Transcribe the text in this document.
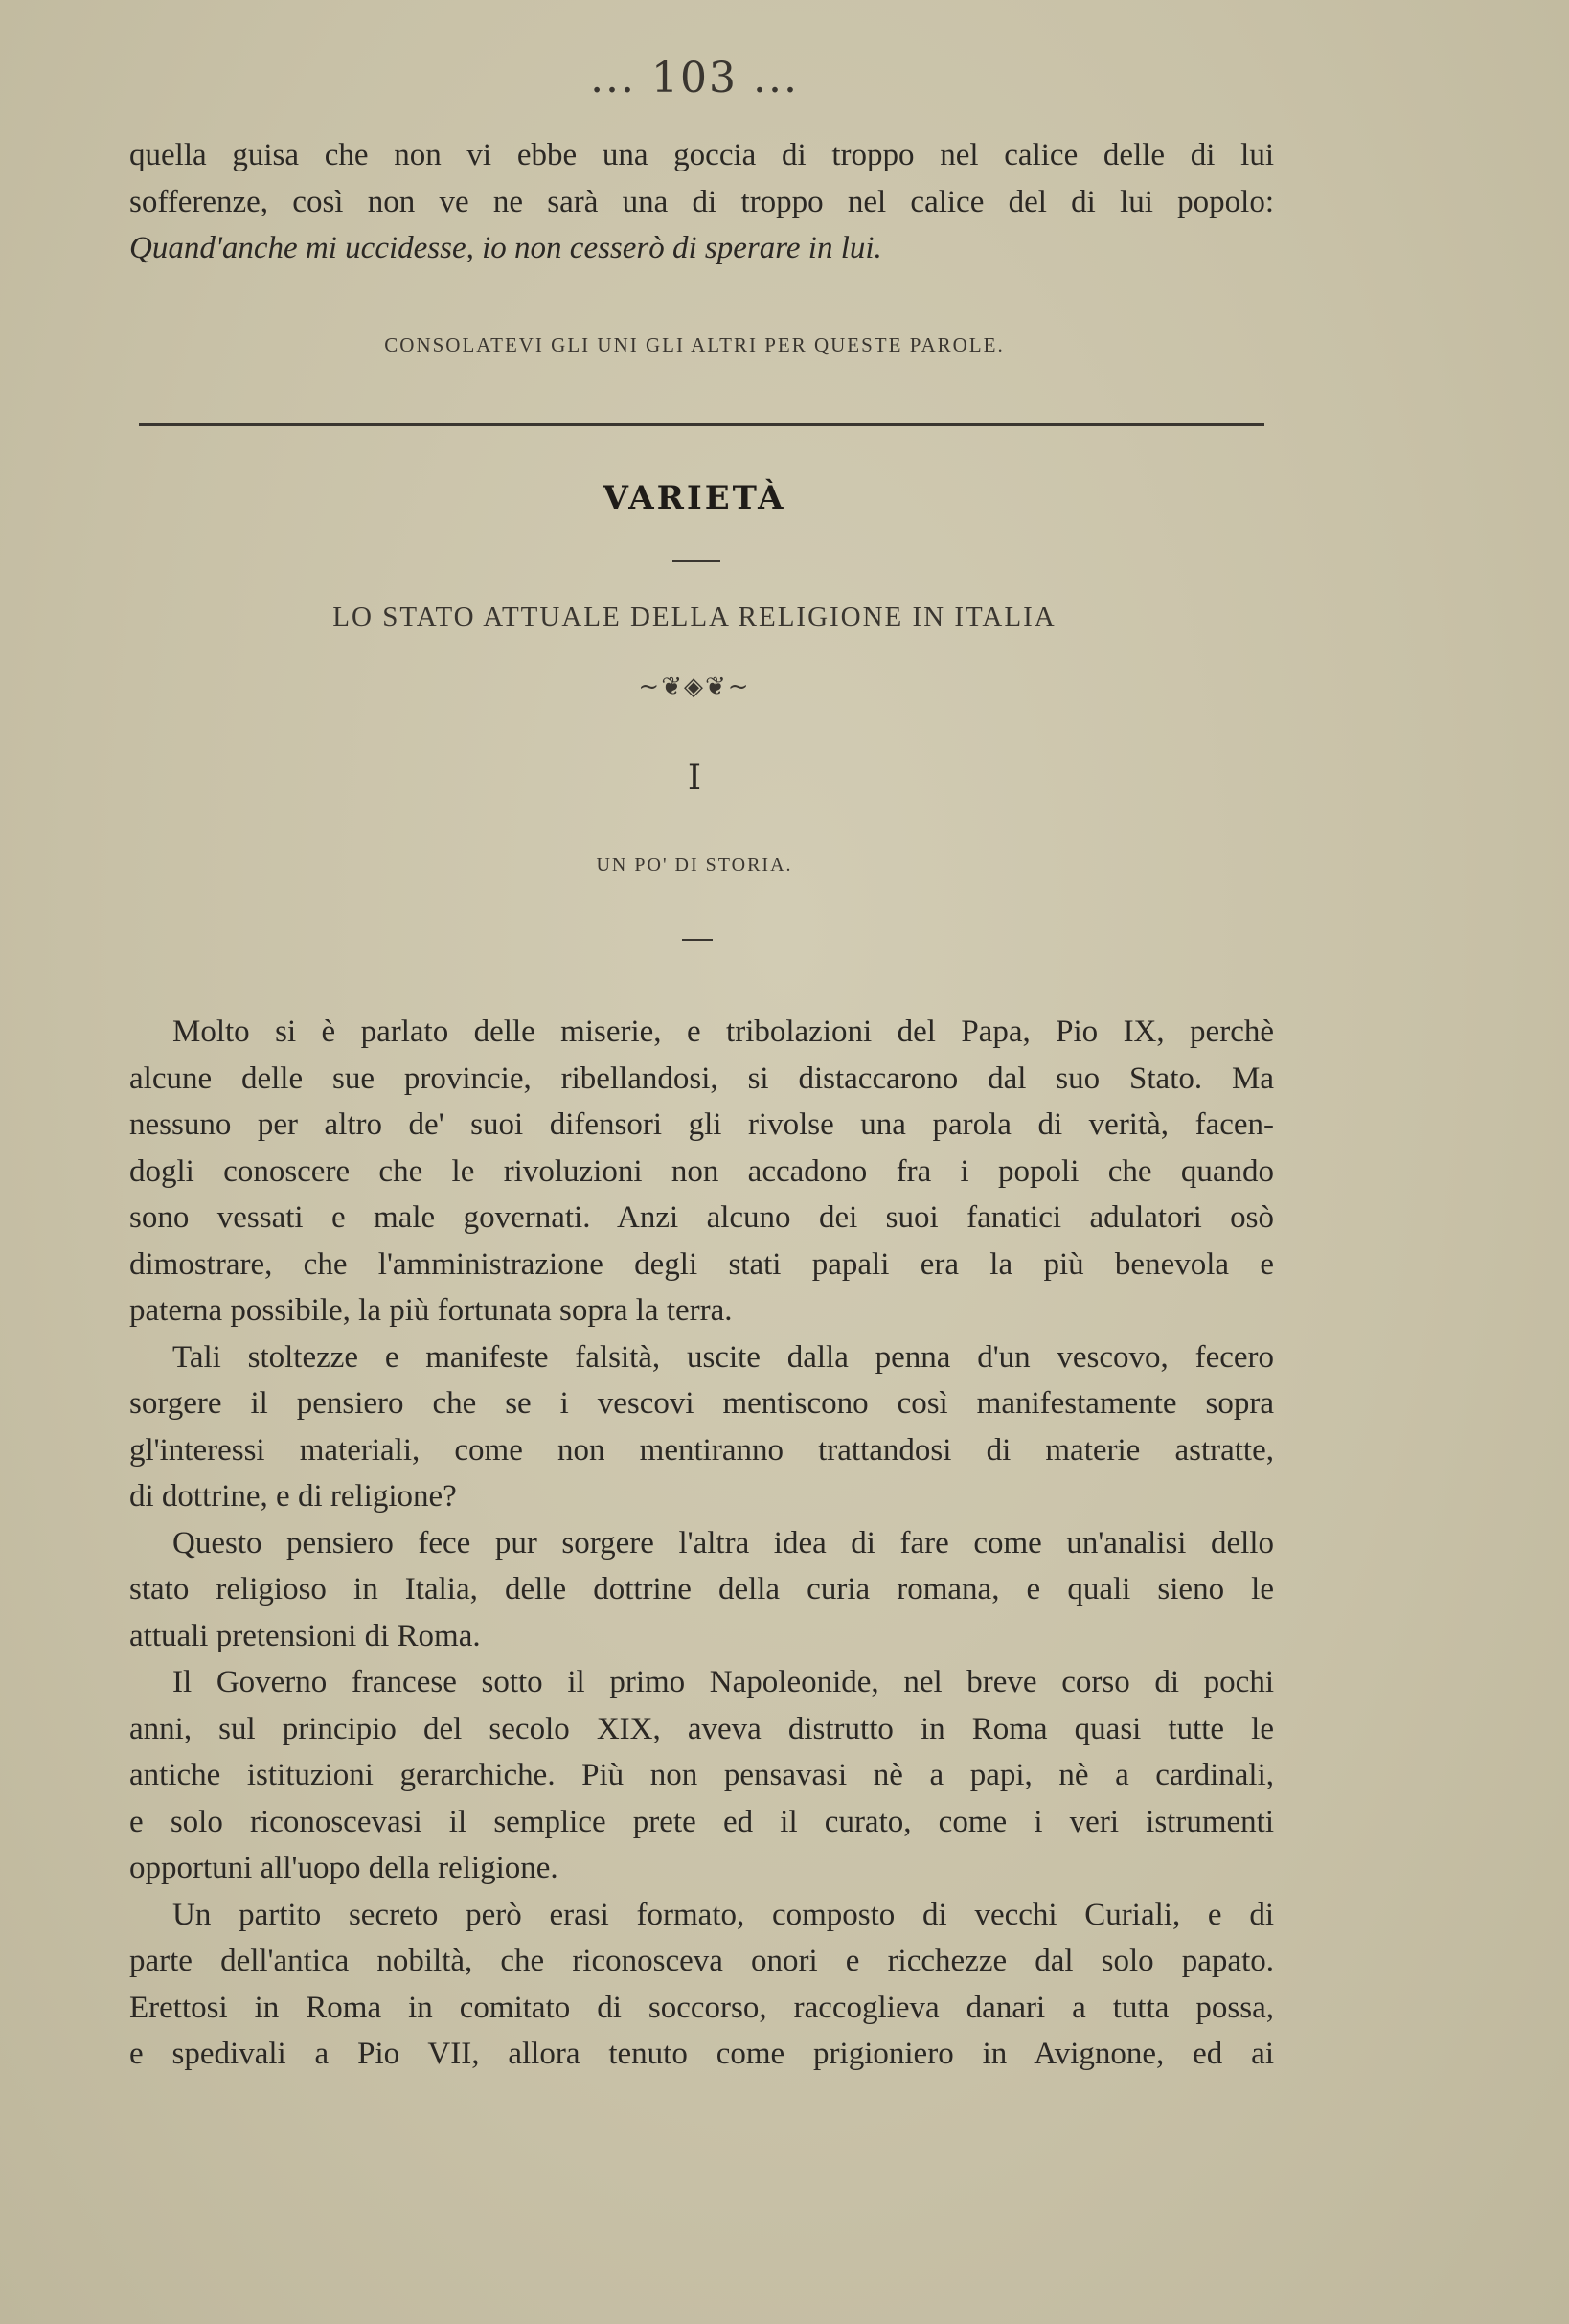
... 103 ...
quella guisa che non vi ebbe una goccia di troppo nel calice delle di lui
sofferenze, così non ve ne sarà una di troppo nel calice del di lui popolo:
Quand'anche mi uccidesse, io non cesserò di sperare in lui.
CONSOLATEVI GLI UNI GLI ALTRI PER QUESTE PAROLE.
VARIETÀ
LO STATO ATTUALE DELLA RELIGIONE IN ITALIA
~❦◈❦~
I
UN PO' DI STORIA.
Molto si è parlato delle miserie, e tribolazioni del Papa, Pio IX, perchè
alcune delle sue provincie, ribellandosi, si distaccarono dal suo Stato. Ma
nessuno per altro de' suoi difensori gli rivolse una parola di verità, facen-
dogli conoscere che le rivoluzioni non accadono fra i popoli che quando
sono vessati e male governati. Anzi alcuno dei suoi fanatici adulatori osò
dimostrare, che l'amministrazione degli stati papali era la più benevola e
paterna possibile, la più fortunata sopra la terra.
Tali stoltezze e manifeste falsità, uscite dalla penna d'un vescovo, fecero
sorgere il pensiero che se i vescovi mentiscono così manifestamente sopra
gl'interessi materiali, come non mentiranno trattandosi di materie astratte,
di dottrine, e di religione?
Questo pensiero fece pur sorgere l'altra idea di fare come un'analisi dello
stato religioso in Italia, delle dottrine della curia romana, e quali sieno le
attuali pretensioni di Roma.
Il Governo francese sotto il primo Napoleonide, nel breve corso di pochi
anni, sul principio del secolo XIX, aveva distrutto in Roma quasi tutte le
antiche istituzioni gerarchiche. Più non pensavasi nè a papi, nè a cardinali,
e solo riconoscevasi il semplice prete ed il curato, come i veri istrumenti
opportuni all'uopo della religione.
Un partito secreto però erasi formato, composto di vecchi Curiali, e di
parte dell'antica nobiltà, che riconosceva onori e ricchezze dal solo papato.
Erettosi in Roma in comitato di soccorso, raccoglieva danari a tutta possa,
e spedivali a Pio VII, allora tenuto come prigioniero in Avignone, ed ai
